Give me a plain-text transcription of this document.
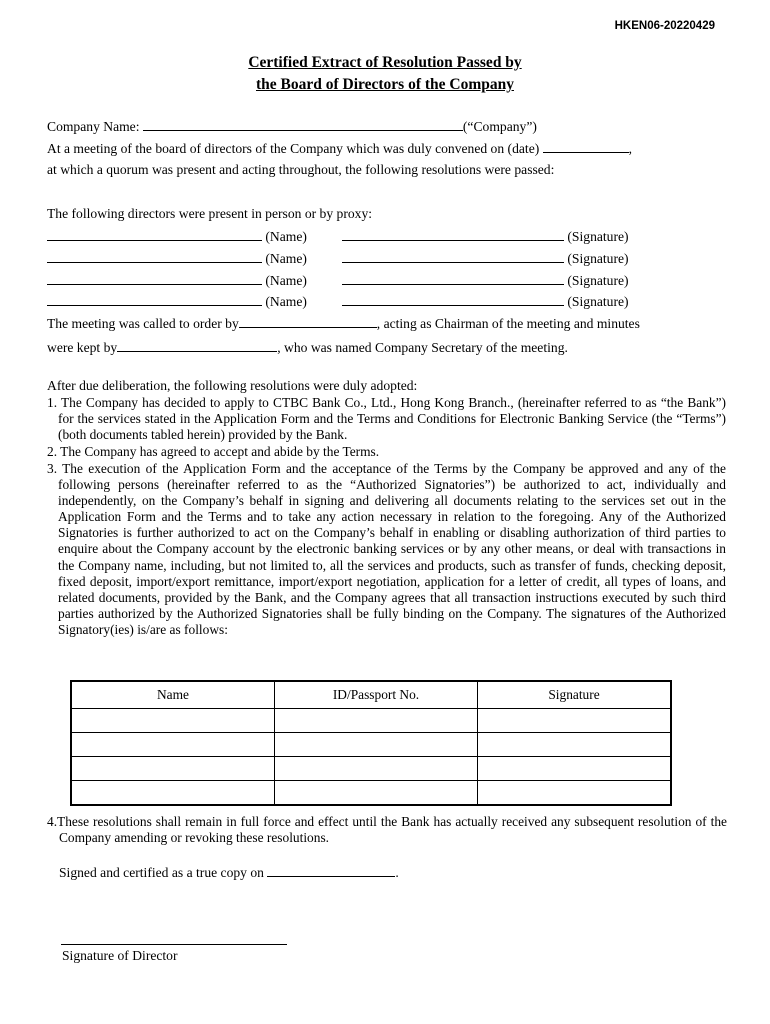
HKEN06-20220429
Certified Extract of Resolution Passed by
the Board of Directors of the Company
Company Name:	(“Company”)
At a meeting of the board of directors of the Company which was duly convened on (date)	,
at which a quorum was present and acting throughout, the following resolutions were passed:
The following directors were present in person or by proxy:
(Name)	(Signature)
(Name)	(Signature)
(Name)	(Signature)
(Name)	(Signature)
The meeting was called to order by	, acting as Chairman of the meeting and minutes
were kept by	, who was named Company Secretary of the meeting.
After due deliberation, the following resolutions were duly adopted:
1. The Company has decided to apply to CTBC Bank Co., Ltd., Hong Kong Branch., (hereinafter referred to as “the Bank”) for the services stated in the Application Form and the Terms and Conditions for Electronic Banking Service (the “Terms”) (both documents tabled herein) provided by the Bank.
2. The Company has agreed to accept and abide by the Terms.
3. The execution of the Application Form and the acceptance of the Terms by the Company be approved and any of the following persons (hereinafter referred to as the “Authorized Signatories”) be authorized to act, individually and independently, on the Company’s behalf in signing and delivering all documents relating to the services set out in the Application Form and the Terms and to take any action necessary in relation to the foregoing. Any of the Authorized Signatories is further authorized to act on the Company’s behalf in enabling or disabling authorization of third parties to enquire about the Company account by the electronic banking services or by any other means, or deal with transactions in the Company name, including, but not limited to, all the services and products, such as transfer of funds, checking deposit, fixed deposit, import/export remittance, import/export negotiation, application for a letter of credit, all types of loans, and related documents, provided by the Bank, and the Company agrees that all transaction instructions executed by such third parties authorized by the Authorized Signatories shall be fully binding on the Company. The signatures of the Authorized Signatory(ies) is/are as follows:
Name	ID/Passport No.	Signature

4.These resolutions shall remain in full force and effect until the Bank has actually received any subsequent resolution of the Company amending or revoking these resolutions.
Signed and certified as a true copy on	.
Signature of Director
